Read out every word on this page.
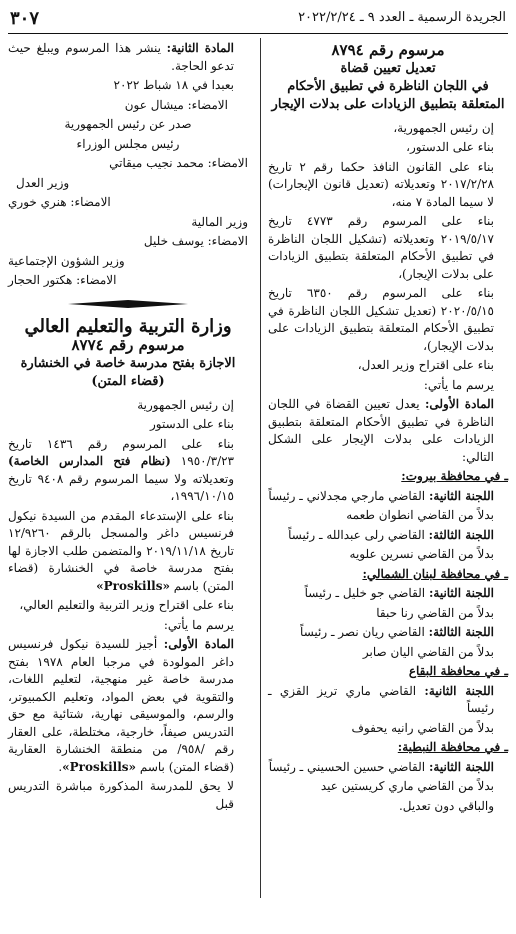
الجريدة الرسمية ـ العدد ٩ ـ ٢٠٢٢/٢/٢٤
٣٠٧
مرسوم رقم ٨٧٩٤
تعديل تعيين قضاة
في اللجان الناظرة في تطبيق الأحكام
المتعلقة بتطبيق الزيادات على بدلات الإيجار

إن رئيس الجمهورية،

بناء على الدستور،

بناء على القانون النافذ حكما رقم ٢ تاريخ ٢٠١٧/٢/٢٨ وتعديلاته (تعديل قانون الإيجارات) لا سيما المادة ٧ منه،

بناء على المرسوم رقم ٤٧٧٣ تاريخ ٢٠١٩/٥/١٧ وتعديلاته (تشكيل اللجان الناظرة في تطبيق الأحكام المتعلقة بتطبيق الزيادات على بدلات الإيجار)،

بناء على المرسوم رقم ٦٣٥٠ تاريخ ٢٠٢٠/٥/١٥ (تعديل تشكيل اللجان الناظرة في تطبيق الأحكام المتعلقة بتطبيق الزيادات على بدلات الإيجار)،

بناء على اقتراح وزير العدل،

يرسم ما يأتي:

المادة الأولى: يعدل تعيين القضاة في اللجان الناظرة في تطبيق الأحكام المتعلقة بتطبيق الزيادات على بدلات الإيجار على الشكل التالي:

ـ في محافظة بيروت:

اللجنة الثانية: القاضي مارجي مجدلاني ـ رئيساً

بدلاً من القاضي انطوان طعمه

اللجنة الثالثة: القاضي رلى عبدالله ـ رئيساً

بدلاً من القاضي نسرين علويه

ـ في محافظة لبنان الشمالي:

اللجنة الثانية: القاضي جو خليل ـ رئيساً

بدلاً من القاضي رنا حبقا

اللجنة الثالثة: القاضي ريان نصر ـ رئيساً

بدلاً من القاضي اليان صابر

ـ في محافظة البقاع

اللجنة الثانية: القاضي ماري تريز القزي ـ رئيساً

بدلاً من القاضي رانيه يحفوف

ـ في محافظة النبطية:

اللجنة الثانية: القاضي حسين الحسيني ـ رئيساً

بدلاً من القاضي ماري كريستين عيد

والباقي دون تعديل.

المادة الثانية: ينشر هذا المرسوم ويبلغ حيث تدعو الحاجة.

بعبدا في ١٨ شباط ٢٠٢٢

الامضاء: ميشال عون

صدر عن رئيس الجمهورية

رئيس مجلس الوزراء

الامضاء: محمد نجيب ميقاتي

وزير العدل

الامضاء: هنري خوري

وزير المالية

الامضاء: يوسف خليل

وزير الشؤون الإجتماعية

الامضاء: هكتور الحجار

وزارة التربية والتعليم العالي
مرسوم رقم ٨٧٧٤
الاجازة بفتح مدرسة خاصة في الخنشارة
(قضاء المتن)

إن رئيس الجمهورية

بناء على الدستور

بناء على المرسوم رقم ١٤٣٦ تاريخ ١٩٥٠/٣/٢٣ (نظام فتح المدارس الخاصة) وتعديلاته ولا سيما المرسوم رقم ٩٤٠٨ تاريخ ١٩٩٦/١٠/١٥،

بناء على الإستدعاء المقدم من السيدة نيكول فرنسيس داغر والمسجل بالرقم ١٢/٩٢٦٠ تاريخ ٢٠١٩/١١/١٨ والمتضمن طلب الاجازة لها بفتح مدرسة خاصة في الخنشارة (قضاء المتن) باسم «Proskills»

بناء على اقتراح وزير التربية والتعليم العالي،

يرسم ما يأتي:

المادة الأولى: أجيز للسيدة نيكول فرنسيس داغر المولودة في مرجبا العام ١٩٧٨ بفتح مدرسة خاصة غير منهجية، لتعليم اللغات، والتقوية في بعض المواد، وتعليم الكمبيوتر، والرسم، والموسيقى نهارية، شتائية مع حق التدريس صيفاً، خارجية، مختلطة، على العقار رقم /٩٥٨/ من منطقة الخنشارة العقارية (قضاء المتن) باسم «Proskills».

لا يحق للمدرسة المذكورة مباشرة التدريس قبل
